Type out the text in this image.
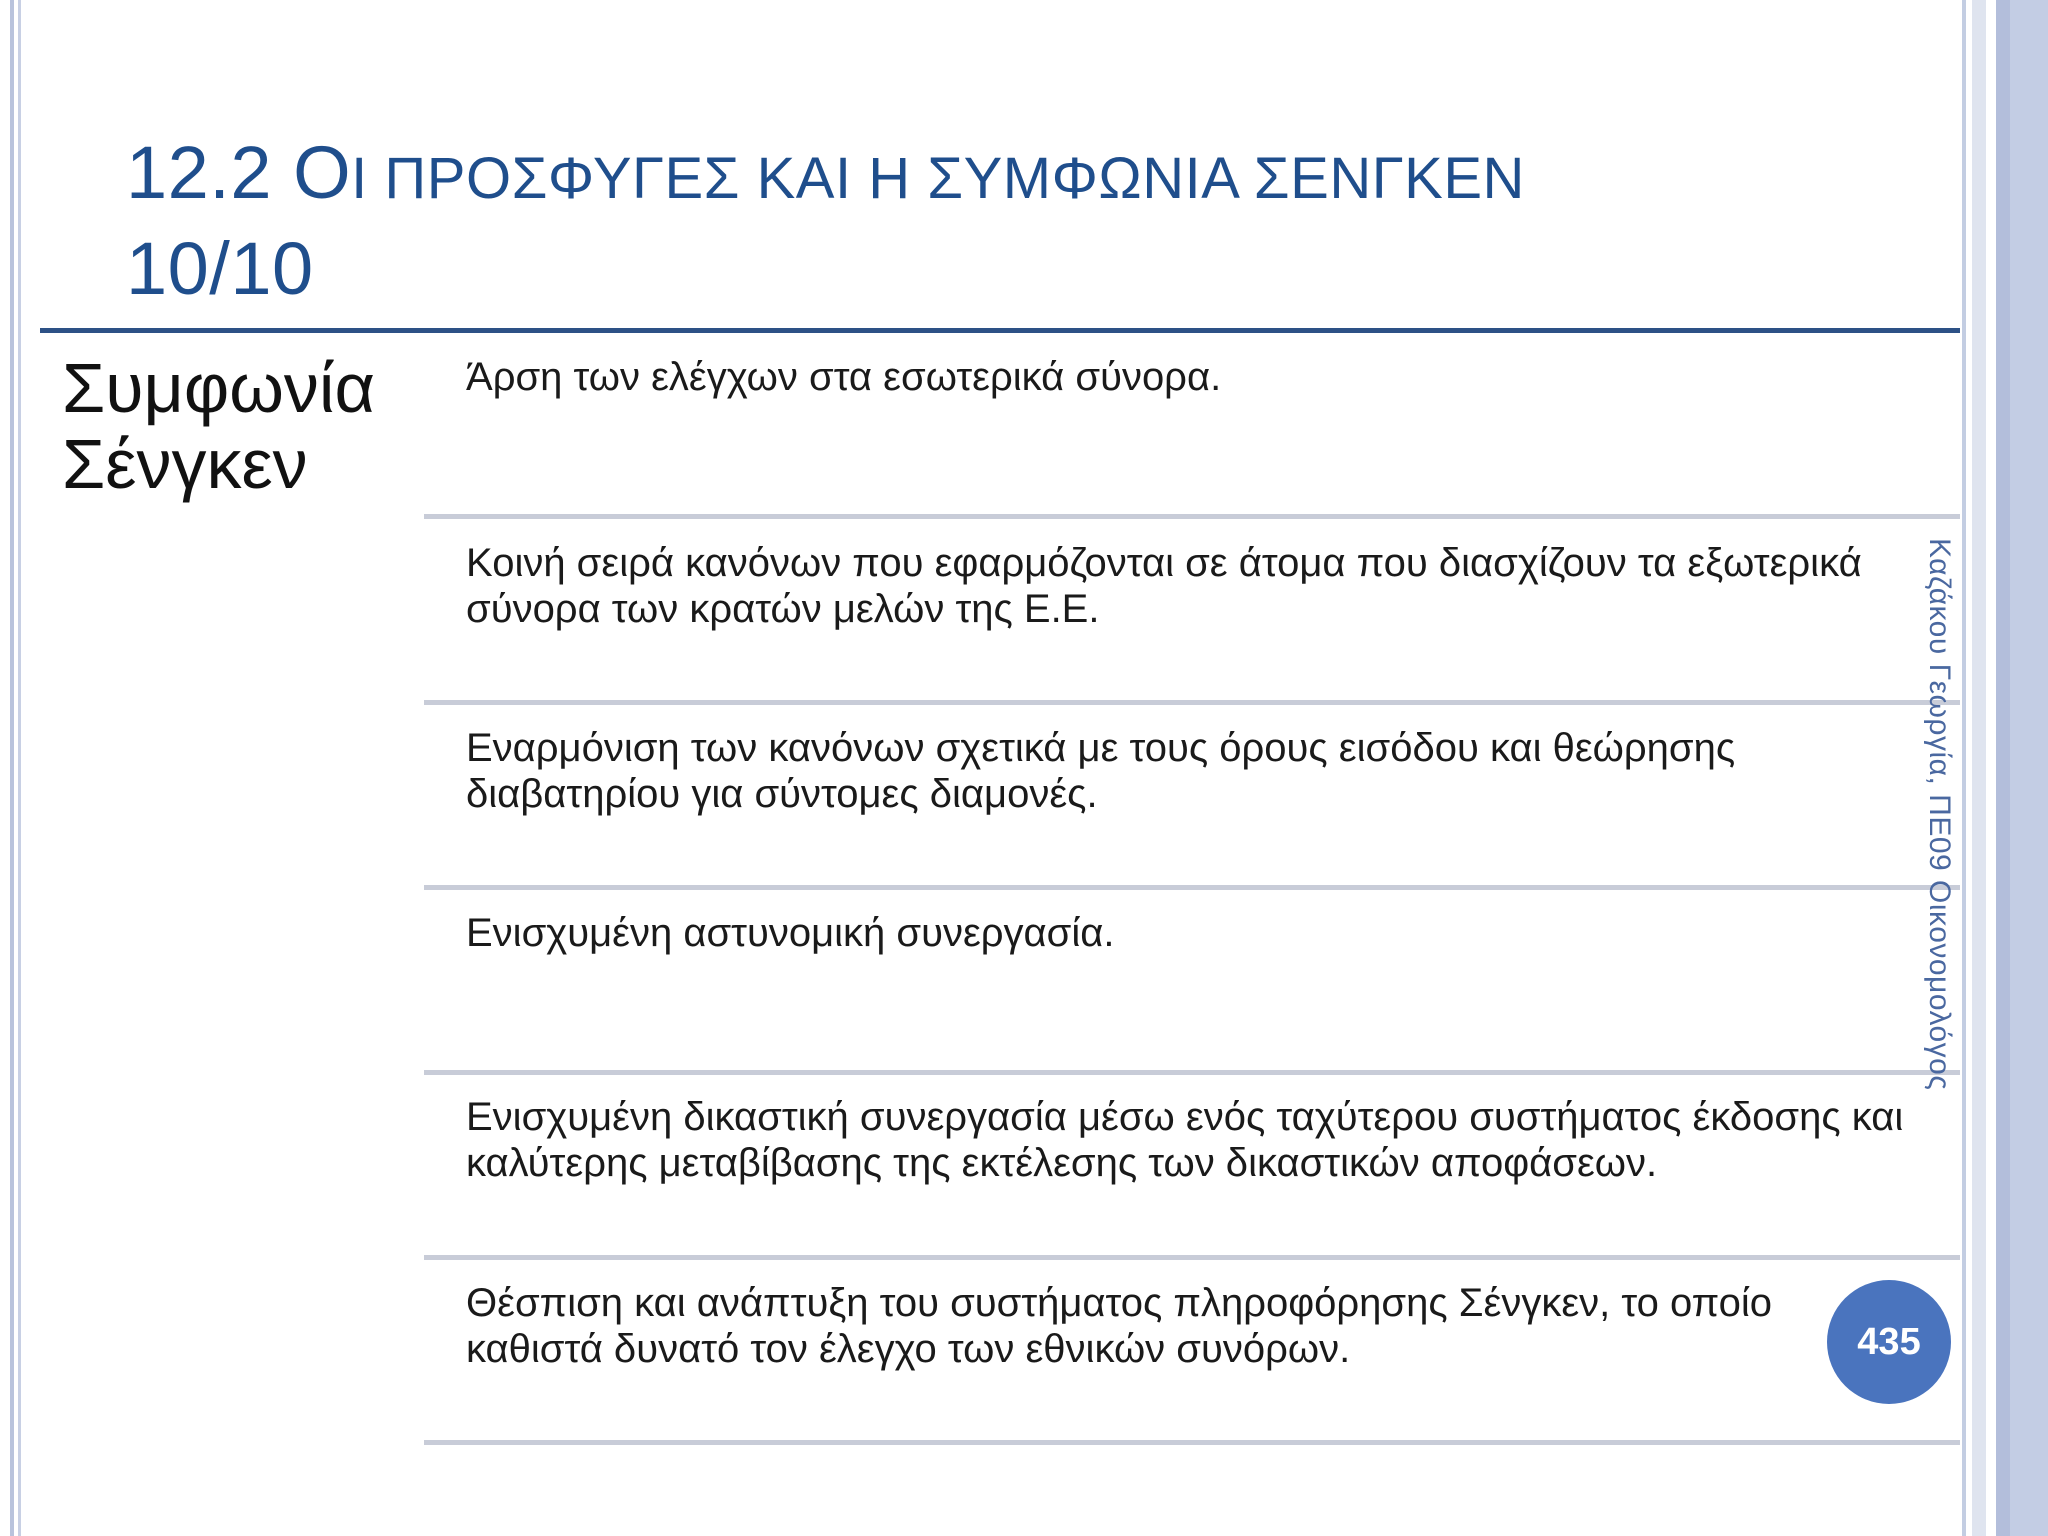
12.2 ΟΙ ΠΡΟΣΦΥΓΕΣ ΚΑΙ Η ΣΥΜΦΩΝΙΑ ΣΕΝΓΚΕΝ
10/10
Συμφωνία
Σένγκεν
Άρση των ελέγχων στα εσωτερικά σύνορα.
Κοινή σειρά κανόνων που εφαρμόζονται σε άτομα που διασχίζουν τα εξωτερικά σύνορα των κρατών μελών της Ε.Ε.
Εναρμόνιση των κανόνων σχετικά με τους όρους εισόδου και θεώρησης διαβατηρίου για σύντομες διαμονές.
Ενισχυμένη αστυνομική συνεργασία.
Ενισχυμένη δικαστική συνεργασία μέσω ενός ταχύτερου συστήματος έκδοσης και καλύτερης μεταβίβασης της εκτέλεσης των δικαστικών αποφάσεων.
Θέσπιση και ανάπτυξη του συστήματος πληροφόρησης Σένγκεν, το οποίο καθιστά δυνατό τον έλεγχο των εθνικών συνόρων.
Καζάκου Γεωργία, ΠΕ09 Οικονομολόγος
435
